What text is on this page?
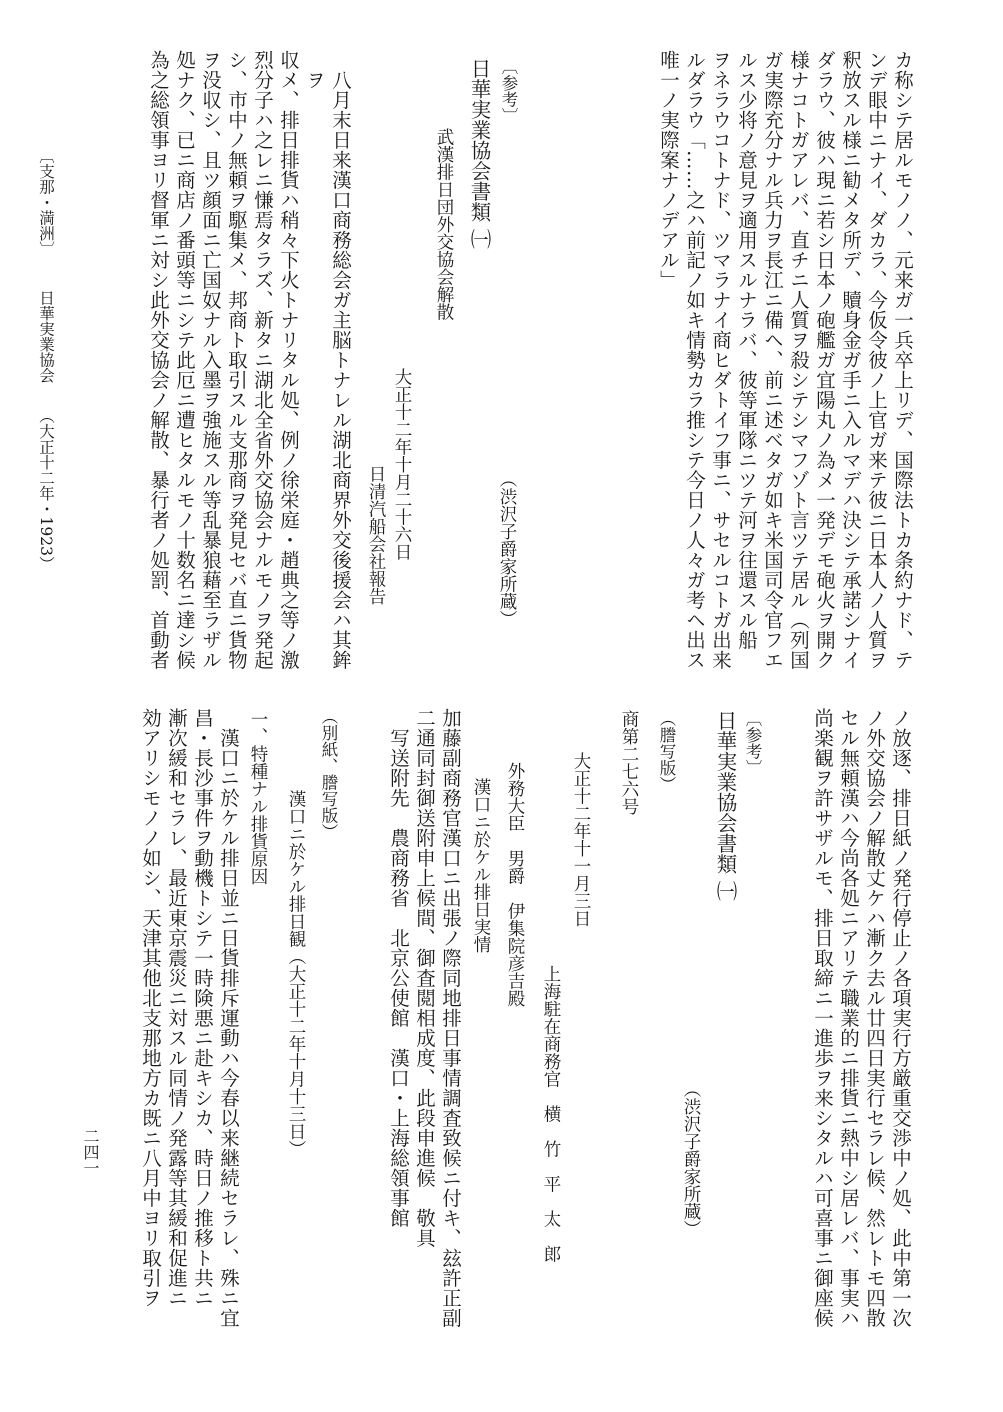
カ称シテ居ルモノノ、元来ガ一兵卒上リデ、国際法トカ条約ナド、テ

ンデ眼中ニナイ、ダカラ、今仮令彼ノ上官ガ来テ彼ニ日本人ノ人質ヲ

釈放スル様ニ勧メタ所デ、贖身金ガ手ニ入ルマデハ決シテ承諾シナイ

ダラウ、彼ハ現ニ若シ日本ノ砲艦ガ宜陽丸ノ為メ一発デモ砲火ヲ開ク

様ナコトガアレバ、直チニ人質ヲ殺シテシマフゾト言ツテ居ル（列国

ガ実際充分ナル兵力ヲ長江ニ備ヘ、前ニ述ベタガ如キ米国司令官フエ

ルス少将ノ意見ヲ適用スルナラバ、彼等軍隊ニツテ河ヲ往還スル船

ヲネラウコトナド、ツマラナイ商ヒダトイフ事ニ、サセルコトガ出来

ルダラウ「……之ハ前記ノ如キ情勢カラ推シテ今日ノ人々ガ考ヘ出ス

唯一ノ実際案ナノデアル」

〔参考〕
日華実業協会書類 ㈠
（渋沢子爵家所蔵）
武漢排日団外交協会解散
大正十二年十月二十六日
日清汽船会社報告

八月末日来漢口商務総会ガ主脳トナレル湖北商界外交後援会ハ其鉾ヲ

収メ、排日排貨ハ稍々下火トナリタル処、例ノ徐栄庭・趙典之等ノ激

烈分子ハ之レニ慊焉タラズ、新タニ湖北全省外交協会ナルモノヲ発起

シ、市中ノ無頼ヲ駆集メ、邦商ト取引スル支那商ヲ発見セバ直ニ貨物

ヲ没収シ、且ツ顔面ニ亡国奴ナル入墨ヲ強施スル等乱暴狼藉至ラザル

処ナク、已ニ商店ノ番頭等ニシテ此厄ニ遭ヒタルモノ十数名ニ達シ候

為之総領事ヨリ督軍ニ対シ此外交協会ノ解散、暴行者ノ処罰、首動者

〔支那・満洲〕
日華実業協会
（大正十二年・1923）
二四一	ノ放逐、排日紙ノ発行停止ノ各項実行方厳重交渉中ノ処、此中第一次

ノ外交協会ノ解散丈ケハ漸ク去ル廿四日実行セラレ候、然レトモ四散

セル無頼漢ハ今尚各処ニアリテ職業的ニ排貨ニ熱中シ居レバ、事実ハ

尚楽観ヲ許サザルモ、排日取締ニ一進歩ヲ来シタルハ可喜事ニ御座候

〔参考〕
日華実業協会書類 ㈠
（渋沢子爵家所蔵）
（謄写版）
商第二七六号
大正十二年十一月三日
上海駐在商務官　横　竹　平　太　郎
外務大臣　男爵　伊集院彦吉殿
漢口ニ於ケル排日実情

加藤副商務官漢口ニ出張ノ際同地排日事情調査致候ニ付キ、玆許正副

二通同封御送附申上候間、御査閲相成度、此段申進候　敬具

写送附先　農商務省　北京公使館　漢口・上海総領事館

（別紙、謄写版）
漢口ニ於ケル排日観（大正十二年十月十三日）
一、特種ナル排貨原因

漢口ニ於ケル排日並ニ日貨排斥運動ハ今春以来継続セラレ、殊ニ宜

昌・長沙事件ヲ動機トシテ一時険悪ニ赴キシカ、時日ノ推移ト共ニ

漸次緩和セラレ、最近東京震災ニ対スル同情ノ発露等其緩和促進ニ

効アリシモノノ如シ、天津其他北支那地方カ既ニ八月中ヨリ取引ヲ
